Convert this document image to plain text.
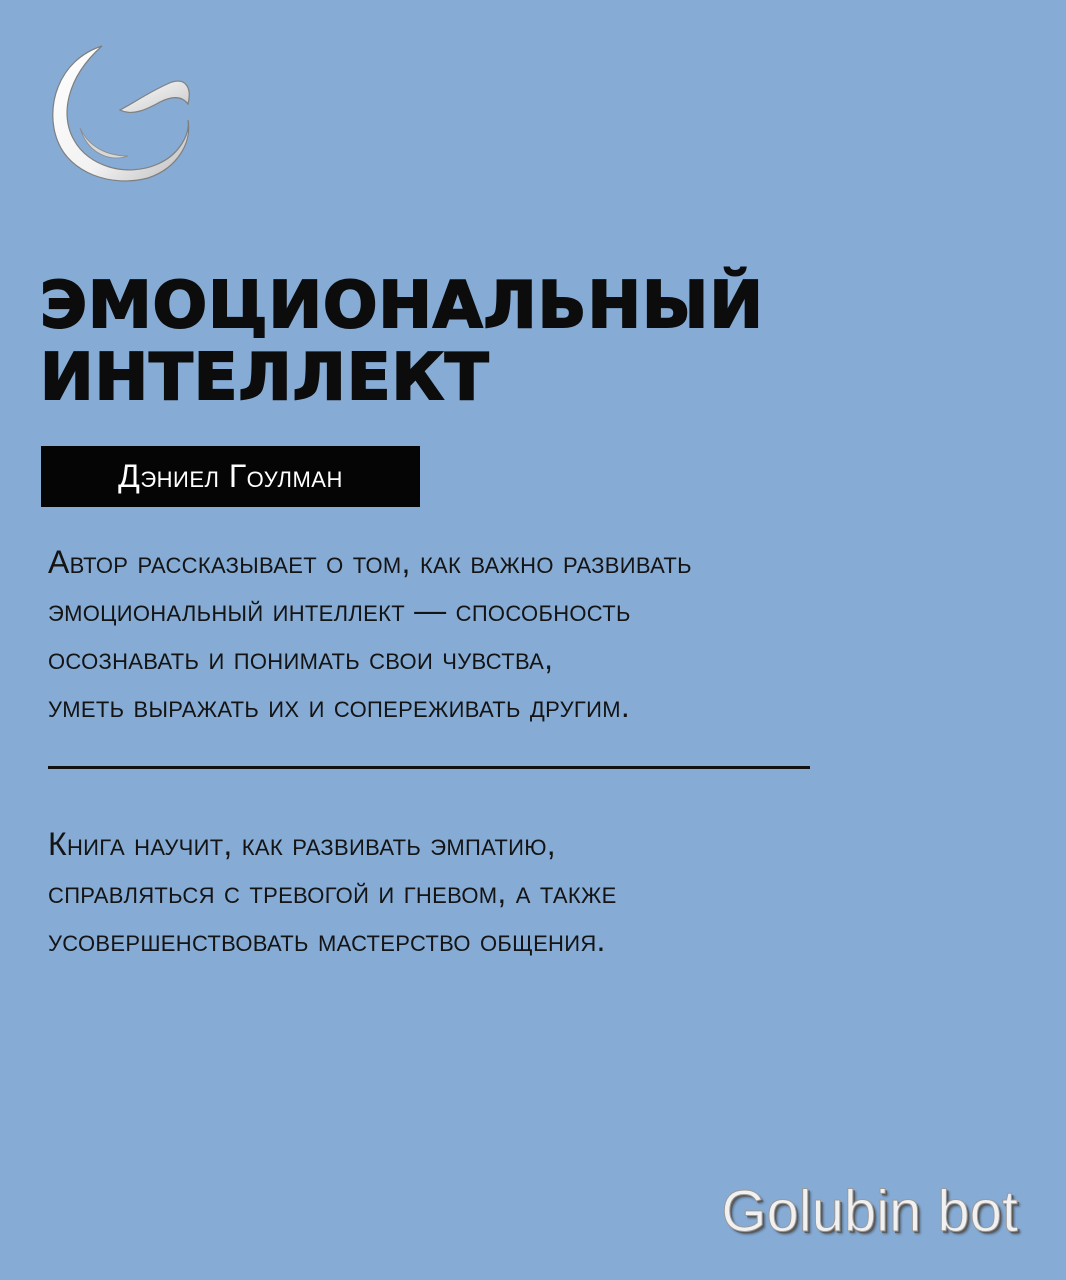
ЭМОЦИОНАЛЬНЫЙ
ИНТЕЛЛЕКТ
Дэниел Гоулман

Автор рассказывает о том, как важно развивать
эмоциональный интеллект — способность
осознавать и понимать свои чувства,
уметь выражать их и сопереживать другим.

Книга научит, как развивать эмпатию,
справляться с тревогой и гневом, а также
усовершенствовать мастерство общения.

Golubin bot
